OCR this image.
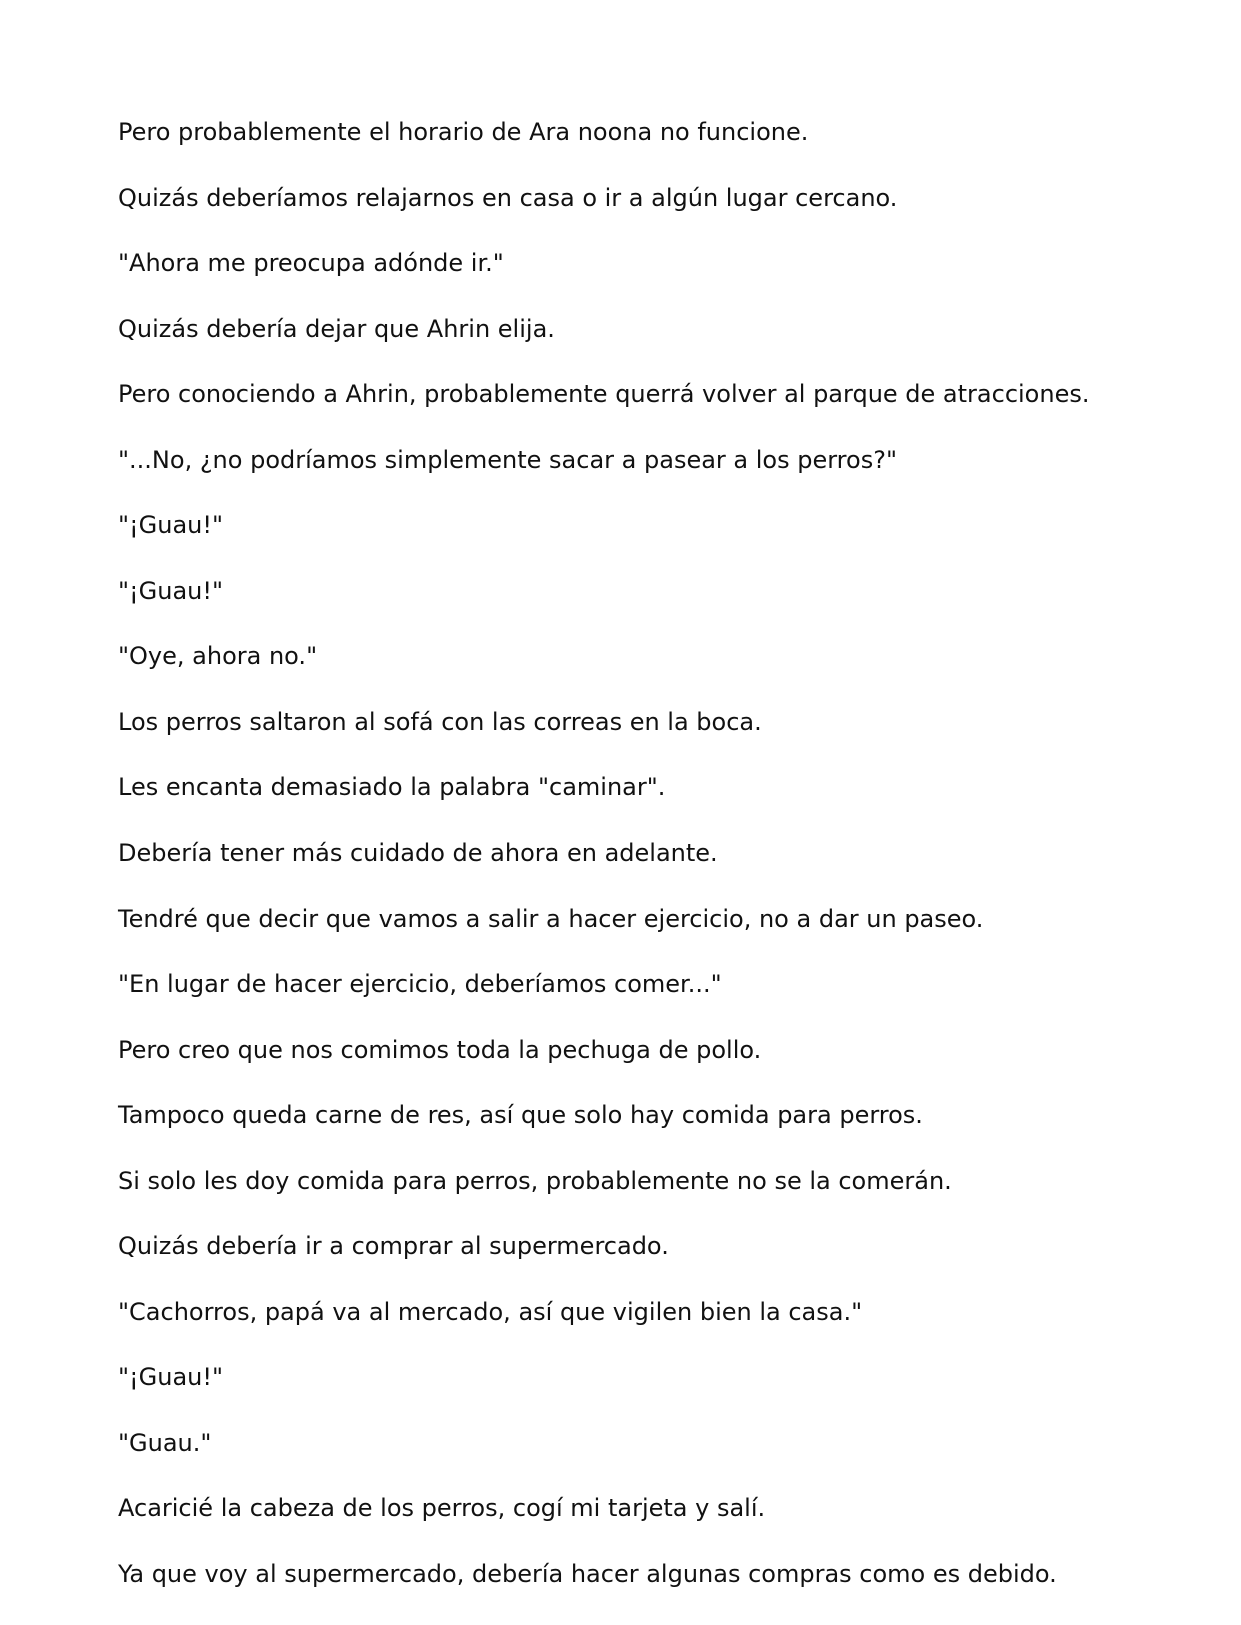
Pero probablemente el horario de Ara noona no funcione.
Quizás deberíamos relajarnos en casa o ir a algún lugar cercano.
"Ahora me preocupa adónde ir."
Quizás debería dejar que Ahrin elija.
Pero conociendo a Ahrin, probablemente querrá volver al parque de atracciones.
"...No, ¿no podríamos simplemente sacar a pasear a los perros?"
"¡Guau!"
"¡Guau!"
"Oye, ahora no."
Los perros saltaron al sofá con las correas en la boca.
Les encanta demasiado la palabra "caminar".
Debería tener más cuidado de ahora en adelante.
Tendré que decir que vamos a salir a hacer ejercicio, no a dar un paseo.
"En lugar de hacer ejercicio, deberíamos comer..."
Pero creo que nos comimos toda la pechuga de pollo.
Tampoco queda carne de res, así que solo hay comida para perros.
Si solo les doy comida para perros, probablemente no se la comerán.
Quizás debería ir a comprar al supermercado.
"Cachorros, papá va al mercado, así que vigilen bien la casa."
"¡Guau!"
"Guau."
Acaricié la cabeza de los perros, cogí mi tarjeta y salí.
Ya que voy al supermercado, debería hacer algunas compras como es debido.
